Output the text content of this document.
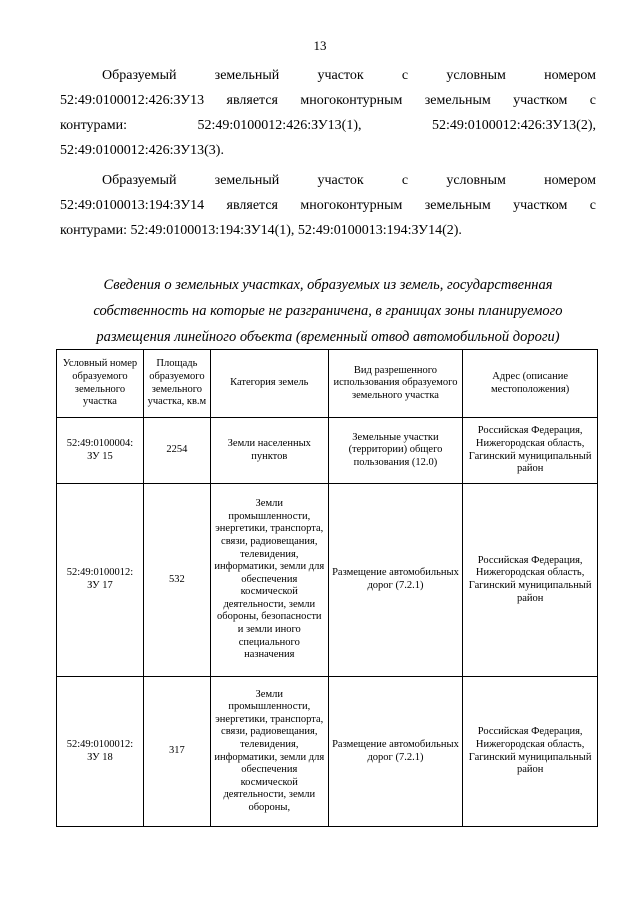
13
Образуемый земельный участок с условным номером
52:49:0100012:426:ЗУ13 является многоконтурным земельным участком с
контурами: 52:49:0100012:426:ЗУ13(1), 52:49:0100012:426:ЗУ13(2),
52:49:0100012:426:ЗУ13(3).
Образуемый земельный участок с условным номером
52:49:0100013:194:ЗУ14 является многоконтурным земельным участком с
контурами: 52:49:0100013:194:ЗУ14(1), 52:49:0100013:194:ЗУ14(2).
Сведения о земельных участках, образуемых из земель, государственная
собственность на которые не разграничена, в границах зоны планируемого
размещения линейного объекта (временный отвод автомобильной дороги)
Условный номер образуемого земельного участка	Площадь образуемого земельного участка, кв.м	Категория земель	Вид разрешенного использования образуемого земельного участка	Адрес (описание местоположения)
52:49:0100004: ЗУ 15	2254	Земли населенных пунктов	Земельные участки (территории) общего пользования (12.0)	Российская Федерация, Нижегородская область, Гагинский муниципальный район
52:49:0100012: ЗУ 17	532	Земли промышленности, энергетики, транспорта, связи, радиовещания, телевидения, информатики, земли для обеспечения космической деятельности, земли обороны, безопасности и земли иного специального назначения	Размещение автомобильных дорог (7.2.1)	Российская Федерация, Нижегородская область, Гагинский муниципальный район
52:49:0100012: ЗУ 18	317	Земли промышленности, энергетики, транспорта, связи, радиовещания, телевидения, информатики, земли для обеспечения космической деятельности, земли обороны,	Размещение автомобильных дорог (7.2.1)	Российская Федерация, Нижегородская область, Гагинский муниципальный район
